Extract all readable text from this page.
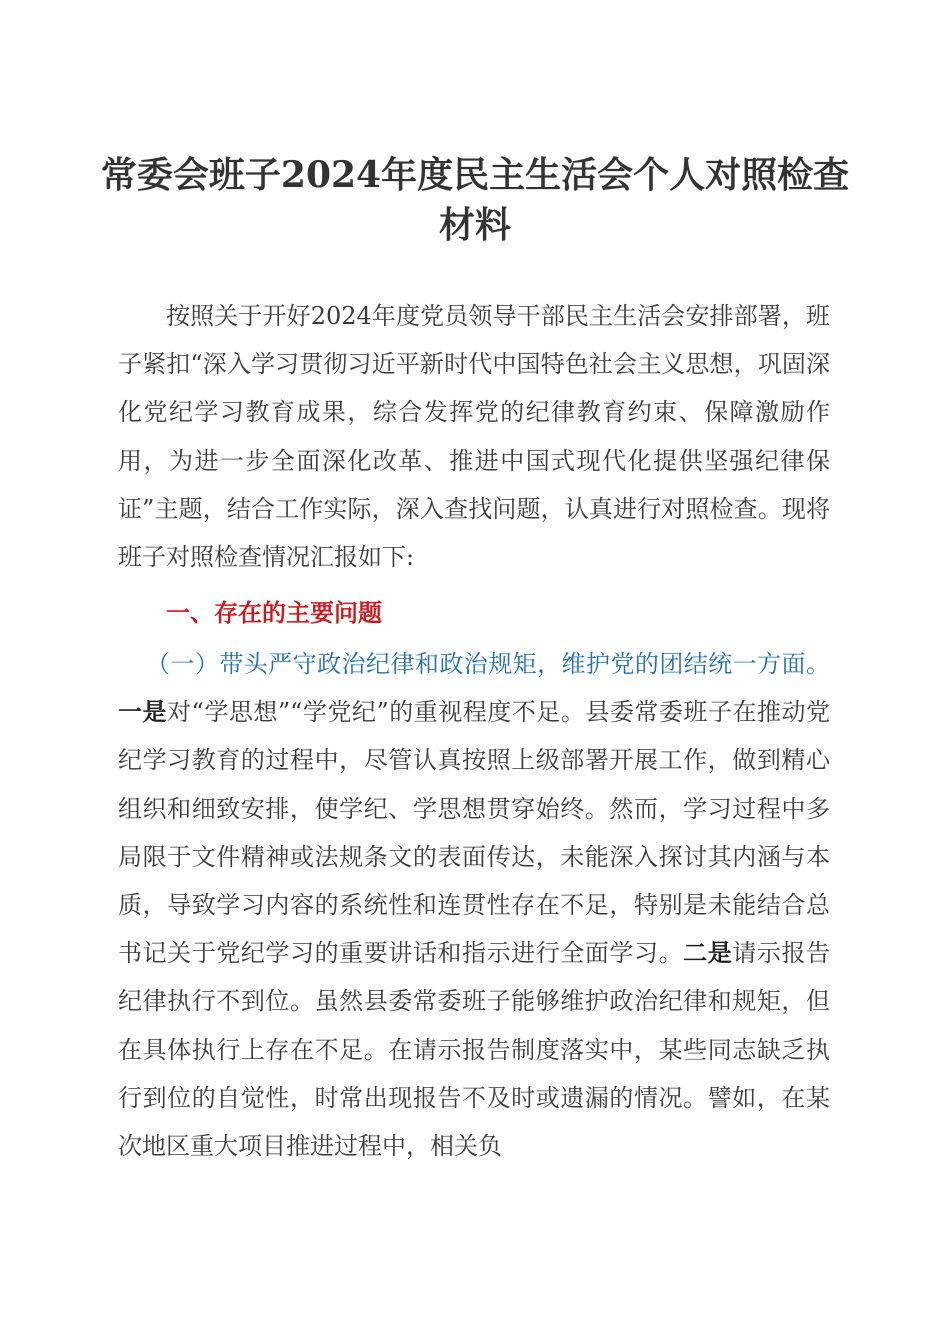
常委会班子2024年度民主生活会个人对照检查材料

按照关于开好2024年度党员领导干部民主生活会安排部署，班子紧扣“深入学习贯彻习近平新时代中国特色社会主义思想，巩固深化党纪学习教育成果，综合发挥党的纪律教育约束、保障激励作用，为进一步全面深化改革、推进中国式现代化提供坚强纪律保证”主题，结合工作实际，深入查找问题，认真进行对照检查。现将班子对照检查情况汇报如下:

一、存在的主要问题

（一）带头严守政治纪律和政治规矩，维护党的团结统一方面。一是对“学思想”“学党纪”的重视程度不足。县委常委班子在推动党纪学习教育的过程中，尽管认真按照上级部署开展工作，做到精心组织和细致安排，使学纪、学思想贯穿始终。然而，学习过程中多局限于文件精神或法规条文的表面传达，未能深入探讨其内涵与本质，导致学习内容的系统性和连贯性存在不足，特别是未能结合总书记关于党纪学习的重要讲话和指示进行全面学习。二是请示报告纪律执行不到位。虽然县委常委班子能够维护政治纪律和规矩，但在具体执行上存在不足。在请示报告制度落实中，某些同志缺乏执行到位的自觉性，时常出现报告不及时或遗漏的情况。譬如，在某次地区重大项目推进过程中，相关负
